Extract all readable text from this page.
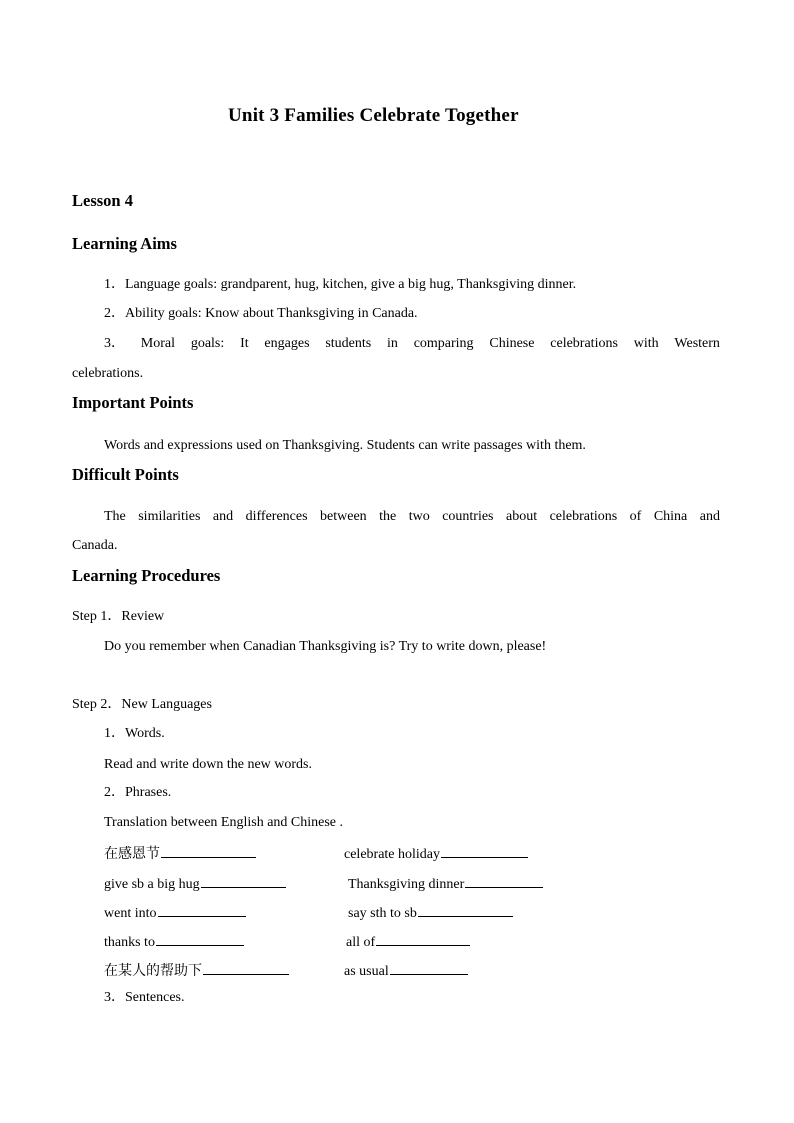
Unit 3 Families Celebrate Together
Lesson 4
Learning Aims
1．Language goals: grandparent, hug, kitchen, give a big hug, Thanksgiving dinner.
2．Ability goals: Know about Thanksgiving in Canada.
3． Moral goals: It engages students in comparing Chinese celebrations with Western
celebrations.
Important Points
Words and expressions used on Thanksgiving. Students can write passages with them.
Difficult Points
The similarities and differences between the two countries about celebrations of China and
Canada.
Learning Procedures
Step 1．Review
Do you remember when Canadian Thanksgiving is? Try to write down, please!
Step 2．New Languages
1．Words.
Read and write down the new words.
2．Phrases.
Translation between English and Chinese .
在感恩节	celebrate holiday
give sb a big hug	Thanksgiving dinner
went into	say sth to sb
thanks to	all of
在某人的帮助下	as usual
3．Sentences.
